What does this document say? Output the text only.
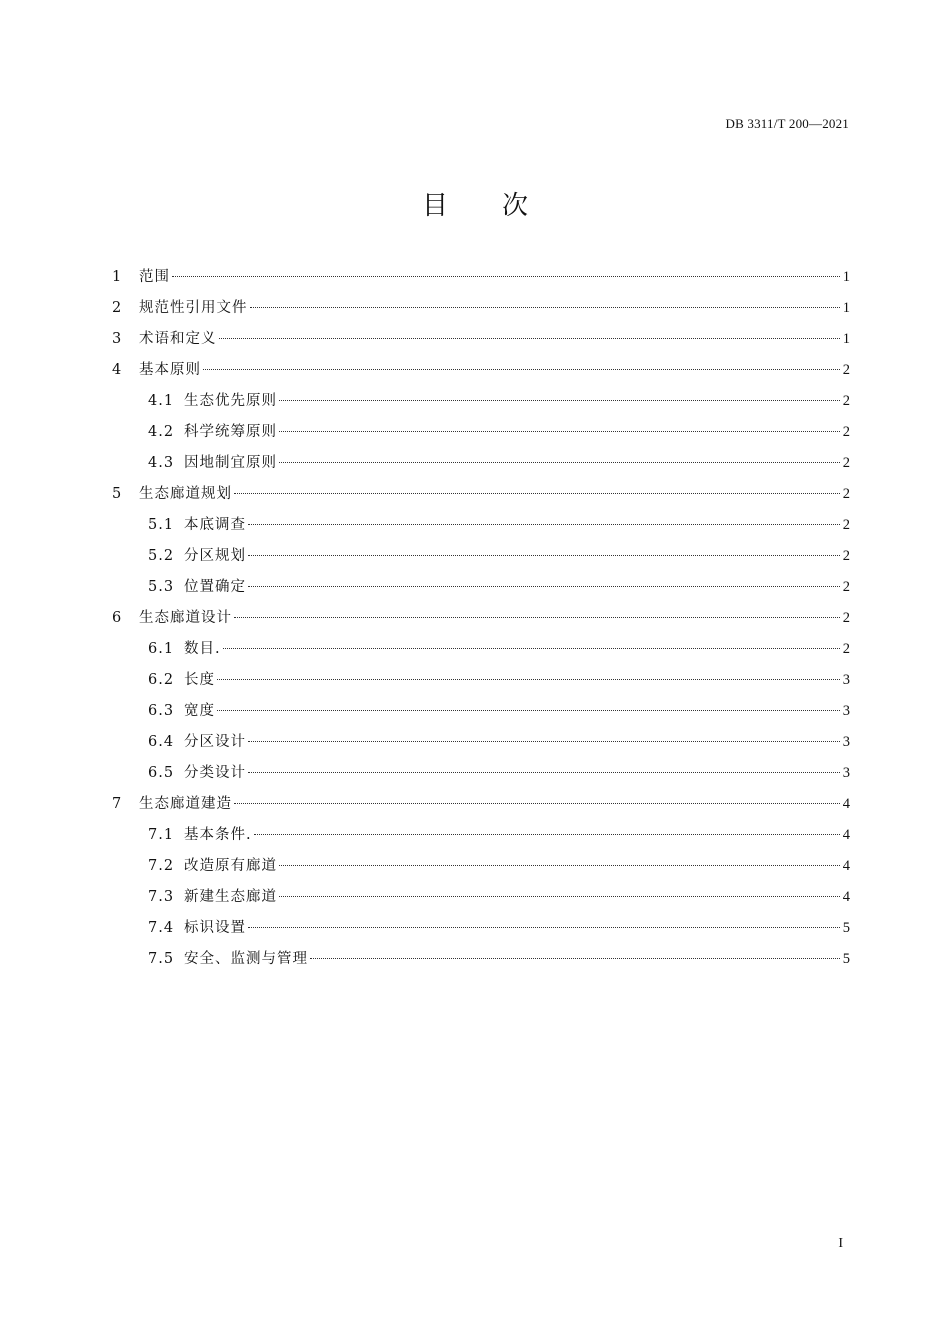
DB 3311/T 200—2021
目次
1	范围	1
2	规范性引用文件	1
3	术语和定义	1
4	基本原则	2
4.1 生态优先原则	2
4.2 科学统筹原则	2
4.3 因地制宜原则	2
5	生态廊道规划	2
5.1 本底调查	2
5.2 分区规划	2
5.3 位置确定	2
6	生态廊道设计	2
6.1 数目.	2
6.2 长度	3
6.3 宽度	3
6.4 分区设计	3
6.5 分类设计	3
7	生态廊道建造	4
7.1 基本条件.	4
7.2 改造原有廊道	4
7.3 新建生态廊道	4
7.4 标识设置	5
7.5 安全、监测与管理	5
I
